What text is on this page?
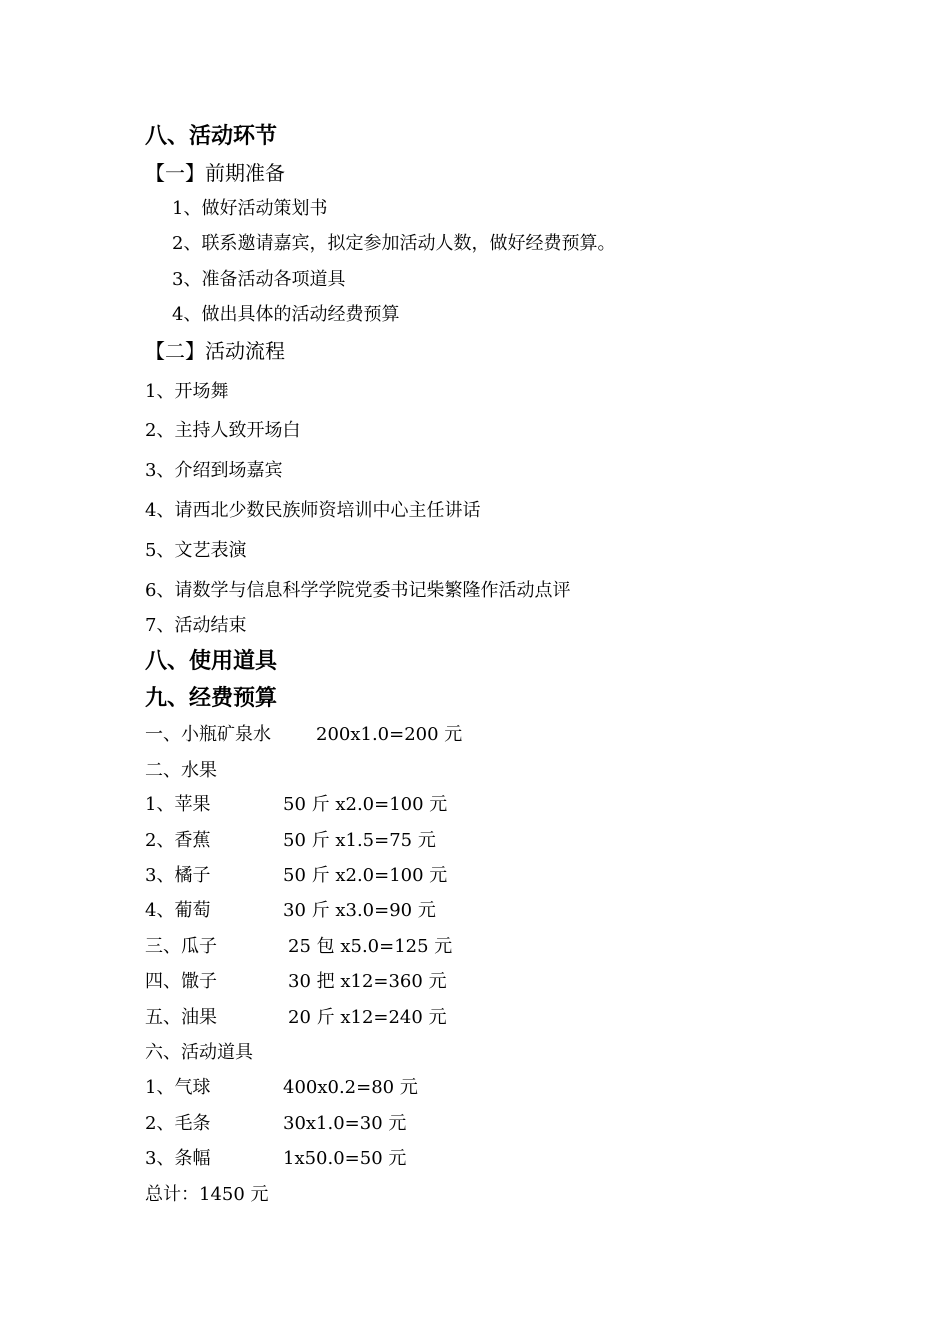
八、活动环节
【一】前期准备
1、做好活动策划书
2、联系邀请嘉宾，拟定参加活动人数，做好经费预算。
3、准备活动各项道具
4、做出具体的活动经费预算
【二】活动流程
1、开场舞
2、主持人致开场白
3、介绍到场嘉宾
4、请西北少数民族师资培训中心主任讲话
5、文艺表演
6、请数学与信息科学学院党委书记柴繁隆作活动点评
7、活动结束
八、使用道具
九、经费预算
一、小瓶矿泉水	200x1.0=200 元
二、水果
1、苹果	50 斤 x2.0=100 元
2、香蕉	50 斤 x1.5=75 元
3、橘子	50 斤 x2.0=100 元
4、葡萄	30 斤 x3.0=90 元
三、瓜子	25 包 x5.0=125 元
四、馓子	30 把 x12=360 元
五、油果	20 斤 x12=240 元
六、活动道具
1、气球	400x0.2=80 元
2、毛条	30x1.0=30 元
3、条幅	1x50.0=50 元
总计：1450 元
